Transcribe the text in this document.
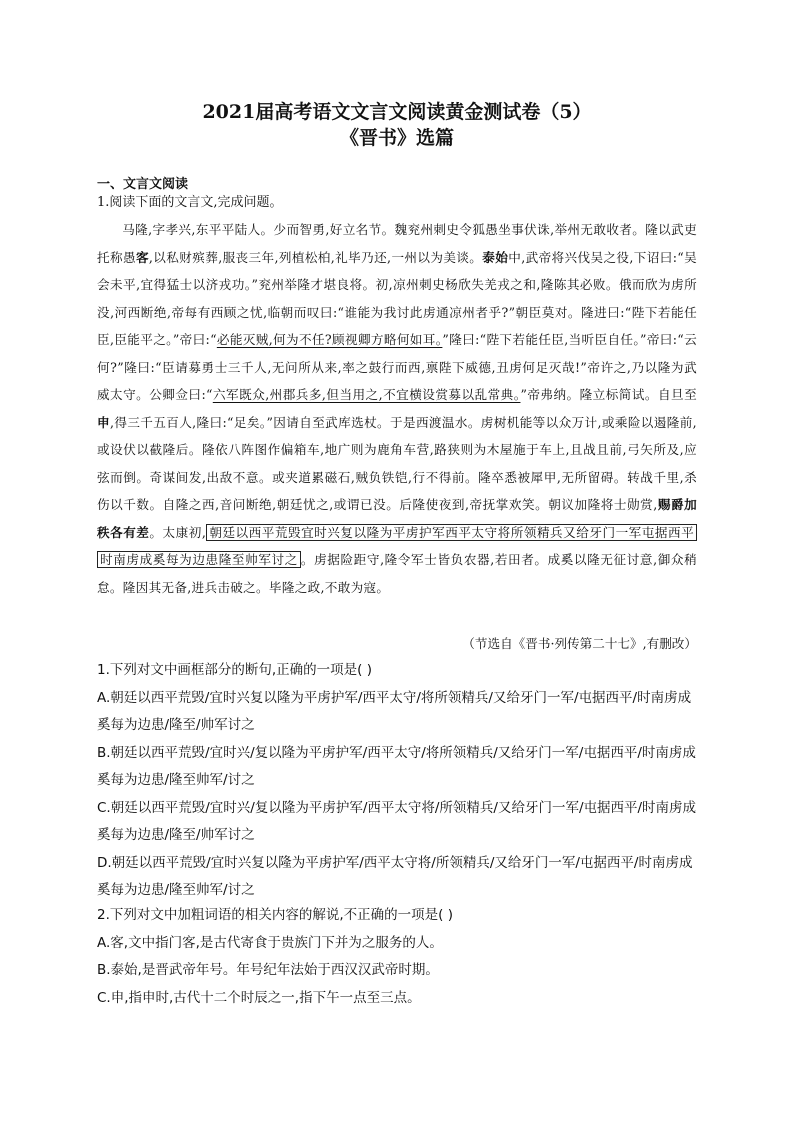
2021届高考语文文言文阅读黄金测试卷（5）
《晋书》选篇
一、文言文阅读
1.阅读下面的文言文,完成问题。

马隆,字孝兴,东平平陆人。少而智勇,好立名节。魏兖州刺史令狐愚坐事伏诛,举州无敢收者。隆以武吏托称愚客,以私财殡葬,服丧三年,列植松柏,礼毕乃还,一州以为美谈。泰始中,武帝将兴伐吴之役,下诏曰:“吴会未平,宜得猛士以济戎功。”兖州举隆才堪良将。初,凉州刺史杨欣失羌戎之和,隆陈其必败。俄而欣为虏所没,河西断绝,帝每有西顾之忧,临朝而叹曰:“谁能为我讨此虏通凉州者乎?”朝臣莫对。隆进曰:“陛下若能任臣,臣能平之。”帝曰:“必能灭贼,何为不任?顾视卿方略何如耳。”隆曰:“陛下若能任臣,当听臣自任。”帝曰:“云何?”隆曰:“臣请募勇士三千人,无问所从来,率之鼓行而西,禀陛下威德,丑虏何足灭哉!”帝许之,乃以隆为武威太守。公卿佥曰:“六军既众,州郡兵多,但当用之,不宜横设赏募以乱常典。”帝弗纳。隆立标简试。自旦至申,得三千五百人,隆曰:“足矣。”因请自至武库选杖。于是西渡温水。虏树机能等以众万计,或乘险以遏隆前,或设伏以截隆后。隆依八阵图作偏箱车,地广则为鹿角车营,路狭则为木屋施于车上,且战且前,弓矢所及,应弦而倒。奇谋间发,出敌不意。或夹道累磁石,贼负铁铠,行不得前。隆卒悉被犀甲,无所留碍。转战千里,杀伤以千数。自隆之西,音问断绝,朝廷忧之,或谓已没。后隆使夜到,帝抚掌欢笑。朝议加隆将士勋赏,赐爵加秩各有差。太康初, 朝廷以西平荒毁宜时兴复以隆为平虏护军西平太守将所领精兵又给牙门一军屯据西平时南虏成奚每为边患隆至帅军讨之 。虏据险距守,隆令军士皆负农器,若田者。成奚以隆无征讨意,御众稍怠。隆因其无备,进兵击破之。毕隆之政,不敢为寇。

（节选自《晋书·列传第二十七》,有删改）
1.下列对文中画框部分的断句,正确的一项是( )
A.朝廷以西平荒毁/宜时兴复以隆为平虏护军/西平太守/将所领精兵/又给牙门一军/屯据西平/时南虏成奚每为边患/隆至/帅军讨之
B.朝廷以西平荒毁/宜时兴/复以隆为平虏护军/西平太守/将所领精兵/又给牙门一军/屯据西平/时南虏成奚每为边患/隆至帅军/讨之
C.朝廷以西平荒毁/宜时兴/复以隆为平虏护军/西平太守将/所领精兵/又给牙门一军/屯据西平/时南虏成奚每为边患/隆至/帅军讨之
D.朝廷以西平荒毁/宜时兴复以隆为平虏护军/西平太守将/所领精兵/又给牙门一军/屯据西平/时南虏成奚每为边患/隆至帅军/讨之
2.下列对文中加粗词语的相关内容的解说,不正确的一项是( )
A.客,文中指门客,是古代寄食于贵族门下并为之服务的人。
B.泰始,是晋武帝年号。年号纪年法始于西汉汉武帝时期。
C.申,指申时,古代十二个时辰之一,指下午一点至三点。
